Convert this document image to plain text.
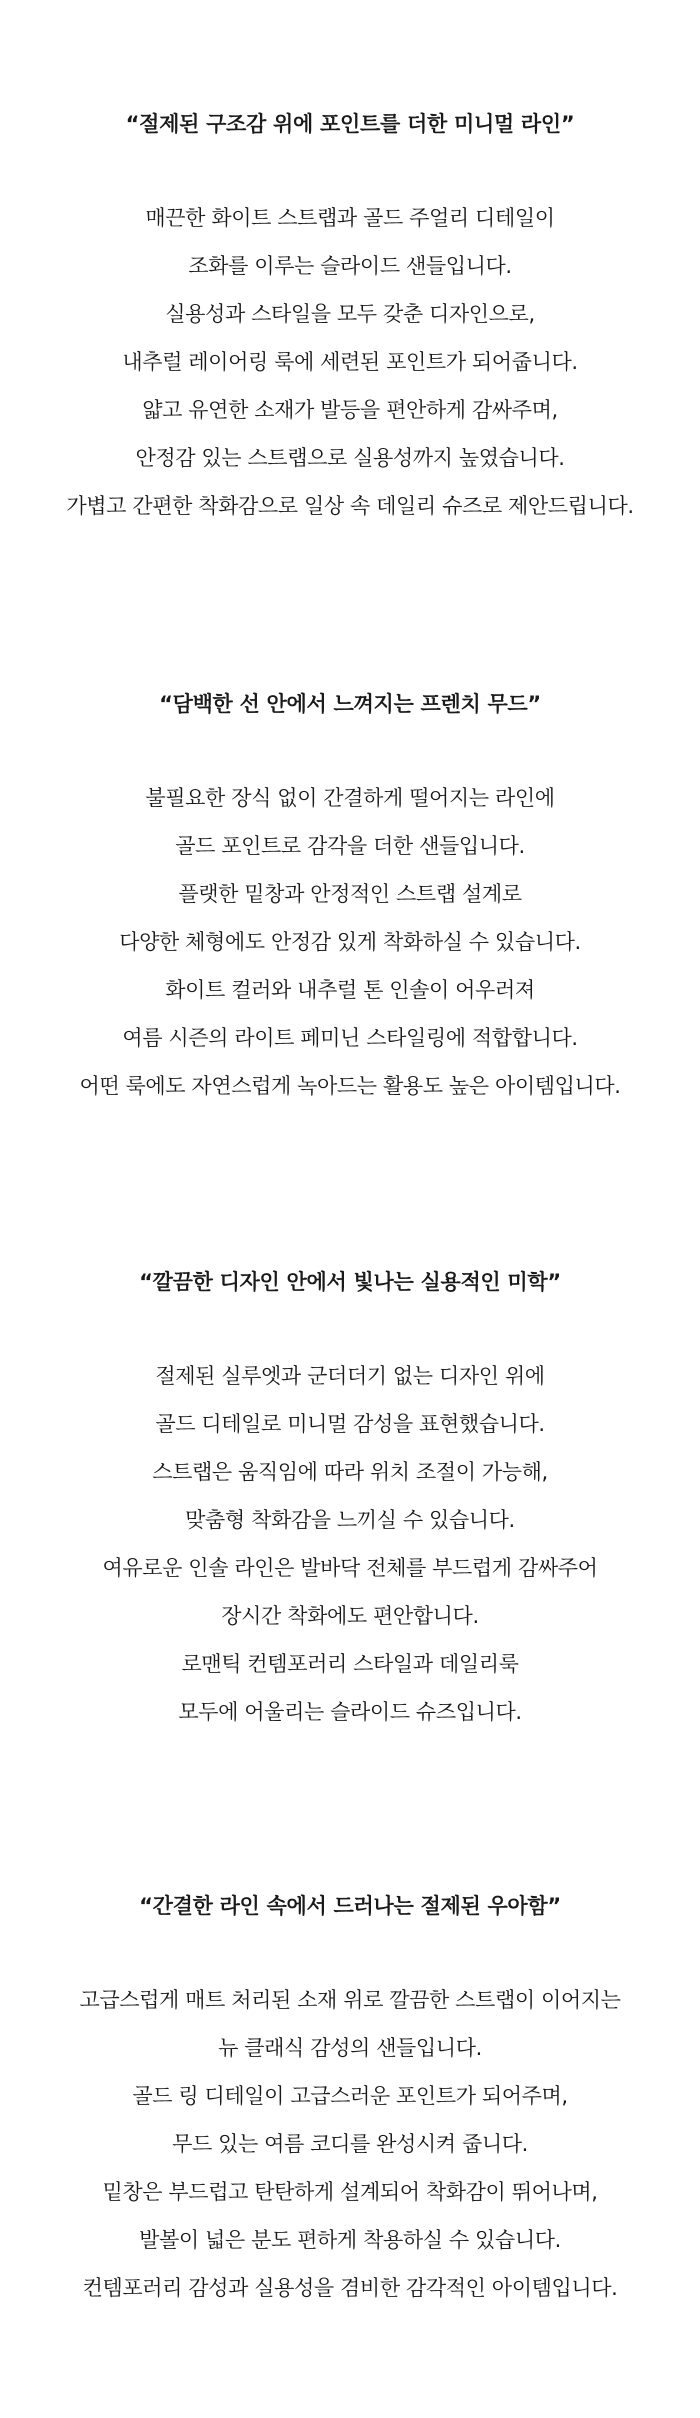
“절제된 구조감 위에 포인트를 더한 미니멀 라인”

매끈한 화이트 스트랩과 골드 주얼리 디테일이

조화를 이루는 슬라이드 샌들입니다.

실용성과 스타일을 모두 갖춘 디자인으로,

내추럴 레이어링 룩에 세련된 포인트가 되어줍니다.

얇고 유연한 소재가 발등을 편안하게 감싸주며,

안정감 있는 스트랩으로 실용성까지 높였습니다.

가볍고 간편한 착화감으로 일상 속 데일리 슈즈로 제안드립니다.

“담백한 선 안에서 느껴지는 프렌치 무드”

불필요한 장식 없이 간결하게 떨어지는 라인에

골드 포인트로 감각을 더한 샌들입니다.

플랫한 밑창과 안정적인 스트랩 설계로

다양한 체형에도 안정감 있게 착화하실 수 있습니다.

화이트 컬러와 내추럴 톤 인솔이 어우러져

여름 시즌의 라이트 페미닌 스타일링에 적합합니다.

어떤 룩에도 자연스럽게 녹아드는 활용도 높은 아이템입니다.

“깔끔한 디자인 안에서 빛나는 실용적인 미학”

절제된 실루엣과 군더더기 없는 디자인 위에

골드 디테일로 미니멀 감성을 표현했습니다.

스트랩은 움직임에 따라 위치 조절이 가능해,

맞춤형 착화감을 느끼실 수 있습니다.

여유로운 인솔 라인은 발바닥 전체를 부드럽게 감싸주어

장시간 착화에도 편안합니다.

로맨틱 컨템포러리 스타일과 데일리룩

모두에 어울리는 슬라이드 슈즈입니다.

“간결한 라인 속에서 드러나는 절제된 우아함”

고급스럽게 매트 처리된 소재 위로 깔끔한 스트랩이 이어지는

뉴 클래식 감성의 샌들입니다.

골드 링 디테일이 고급스러운 포인트가 되어주며,

무드 있는 여름 코디를 완성시켜 줍니다.

밑창은 부드럽고 탄탄하게 설계되어 착화감이 뛰어나며,

발볼이 넓은 분도 편하게 착용하실 수 있습니다.

컨템포러리 감성과 실용성을 겸비한 감각적인 아이템입니다.
